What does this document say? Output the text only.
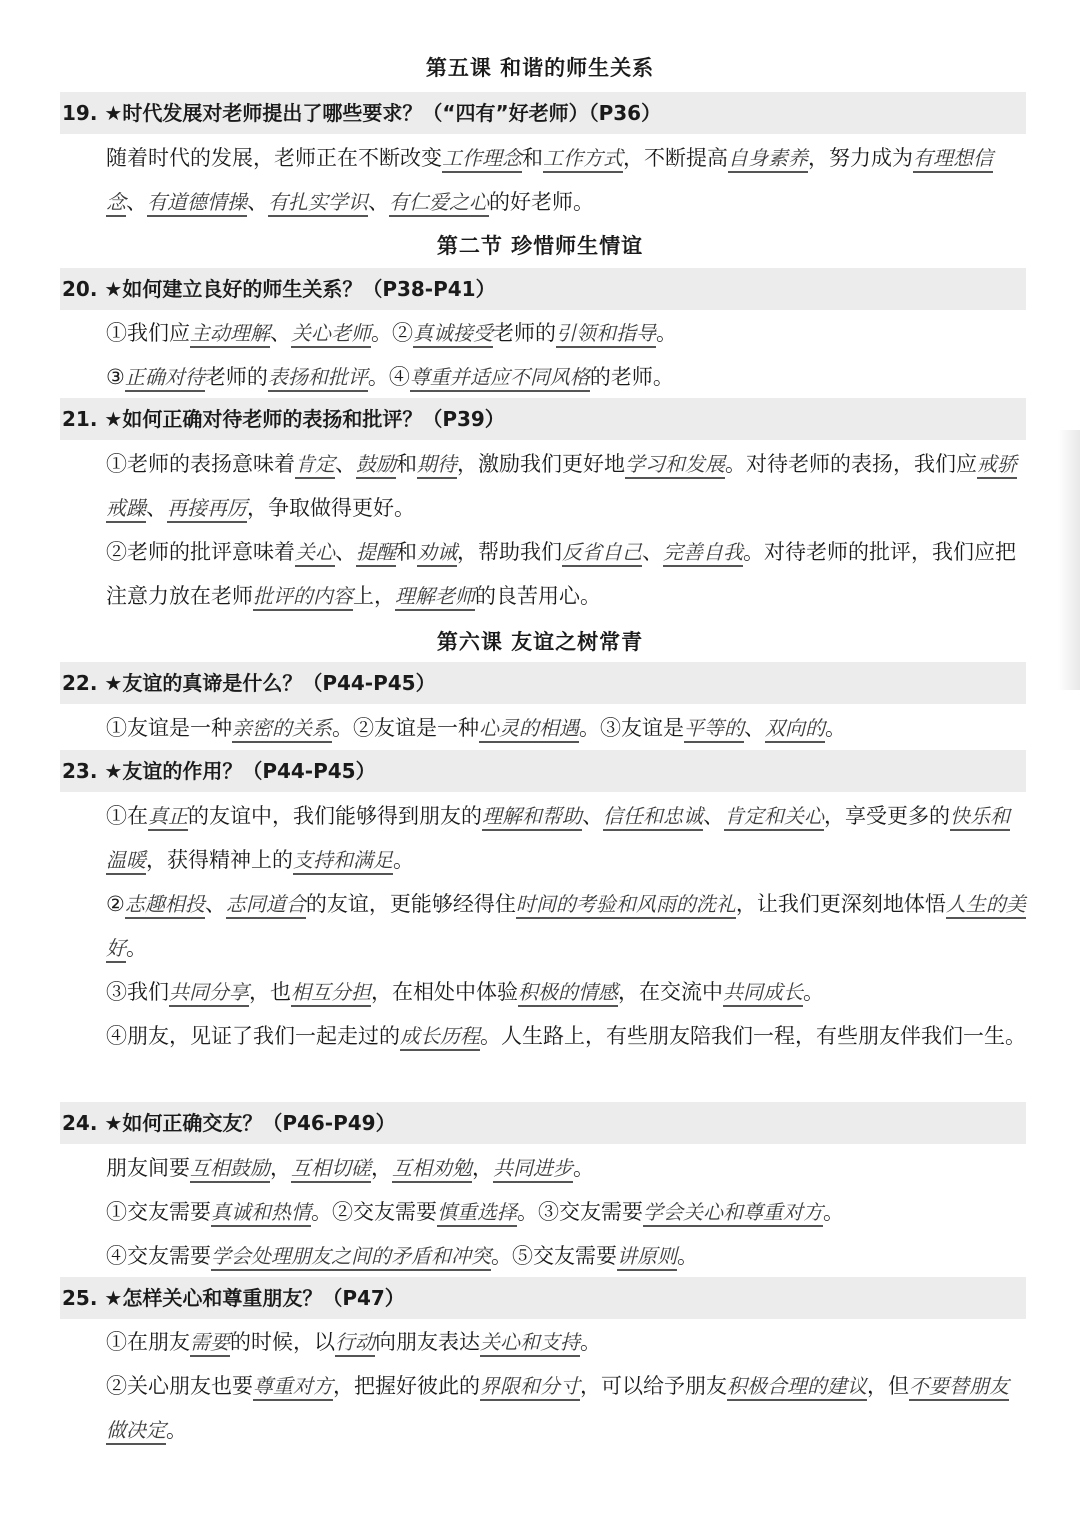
第五课 和谐的师生关系
19. ★时代发展对老师提出了哪些要求？（“四有”好老师）（P36）
随着时代的发展，老师正在不断改变工作理念和工作方式，不断提高自身素养，努力成为有理想信念、有道德情操、有扎实学识、有仁爱之心的好老师。
第二节 珍惜师生情谊
20. ★如何建立良好的师生关系？（P38-P41）
①我们应主动理解、关心老师。②真诚接受老师的引领和指导。
③正确对待老师的表扬和批评。④尊重并适应不同风格的老师。
21. ★如何正确对待老师的表扬和批评？（P39）
①老师的表扬意味着肯定、鼓励和期待，激励我们更好地学习和发展。对待老师的表扬，我们应戒骄戒躁、再接再厉，争取做得更好。
②老师的批评意味着关心、提醒和劝诫，帮助我们反省自己、完善自我。对待老师的批评，我们应把注意力放在老师批评的内容上，理解老师的良苦用心。
第六课 友谊之树常青
22. ★友谊的真谛是什么？（P44-P45）
①友谊是一种亲密的关系。②友谊是一种心灵的相遇。③友谊是平等的、双向的。
23. ★友谊的作用？（P44-P45）
①在真正的友谊中，我们能够得到朋友的理解和帮助、信任和忠诚、肯定和关心，享受更多的快乐和温暖，获得精神上的支持和满足。
②志趣相投、志同道合的友谊，更能够经得住时间的考验和风雨的洗礼，让我们更深刻地体悟人生的美好。
③我们共同分享，也相互分担，在相处中体验积极的情感，在交流中共同成长。
④朋友，见证了我们一起走过的成长历程。人生路上，有些朋友陪我们一程，有些朋友伴我们一生。
24. ★如何正确交友？（P46-P49）
朋友间要互相鼓励，互相切磋，互相劝勉，共同进步。
①交友需要真诚和热情。②交友需要慎重选择。③交友需要学会关心和尊重对方。
④交友需要学会处理朋友之间的矛盾和冲突。⑤交友需要讲原则。
25. ★怎样关心和尊重朋友？（P47）
①在朋友需要的时候，以行动向朋友表达关心和支持。
②关心朋友也要尊重对方，把握好彼此的界限和分寸，可以给予朋友积极合理的建议，但不要替朋友做决定。
